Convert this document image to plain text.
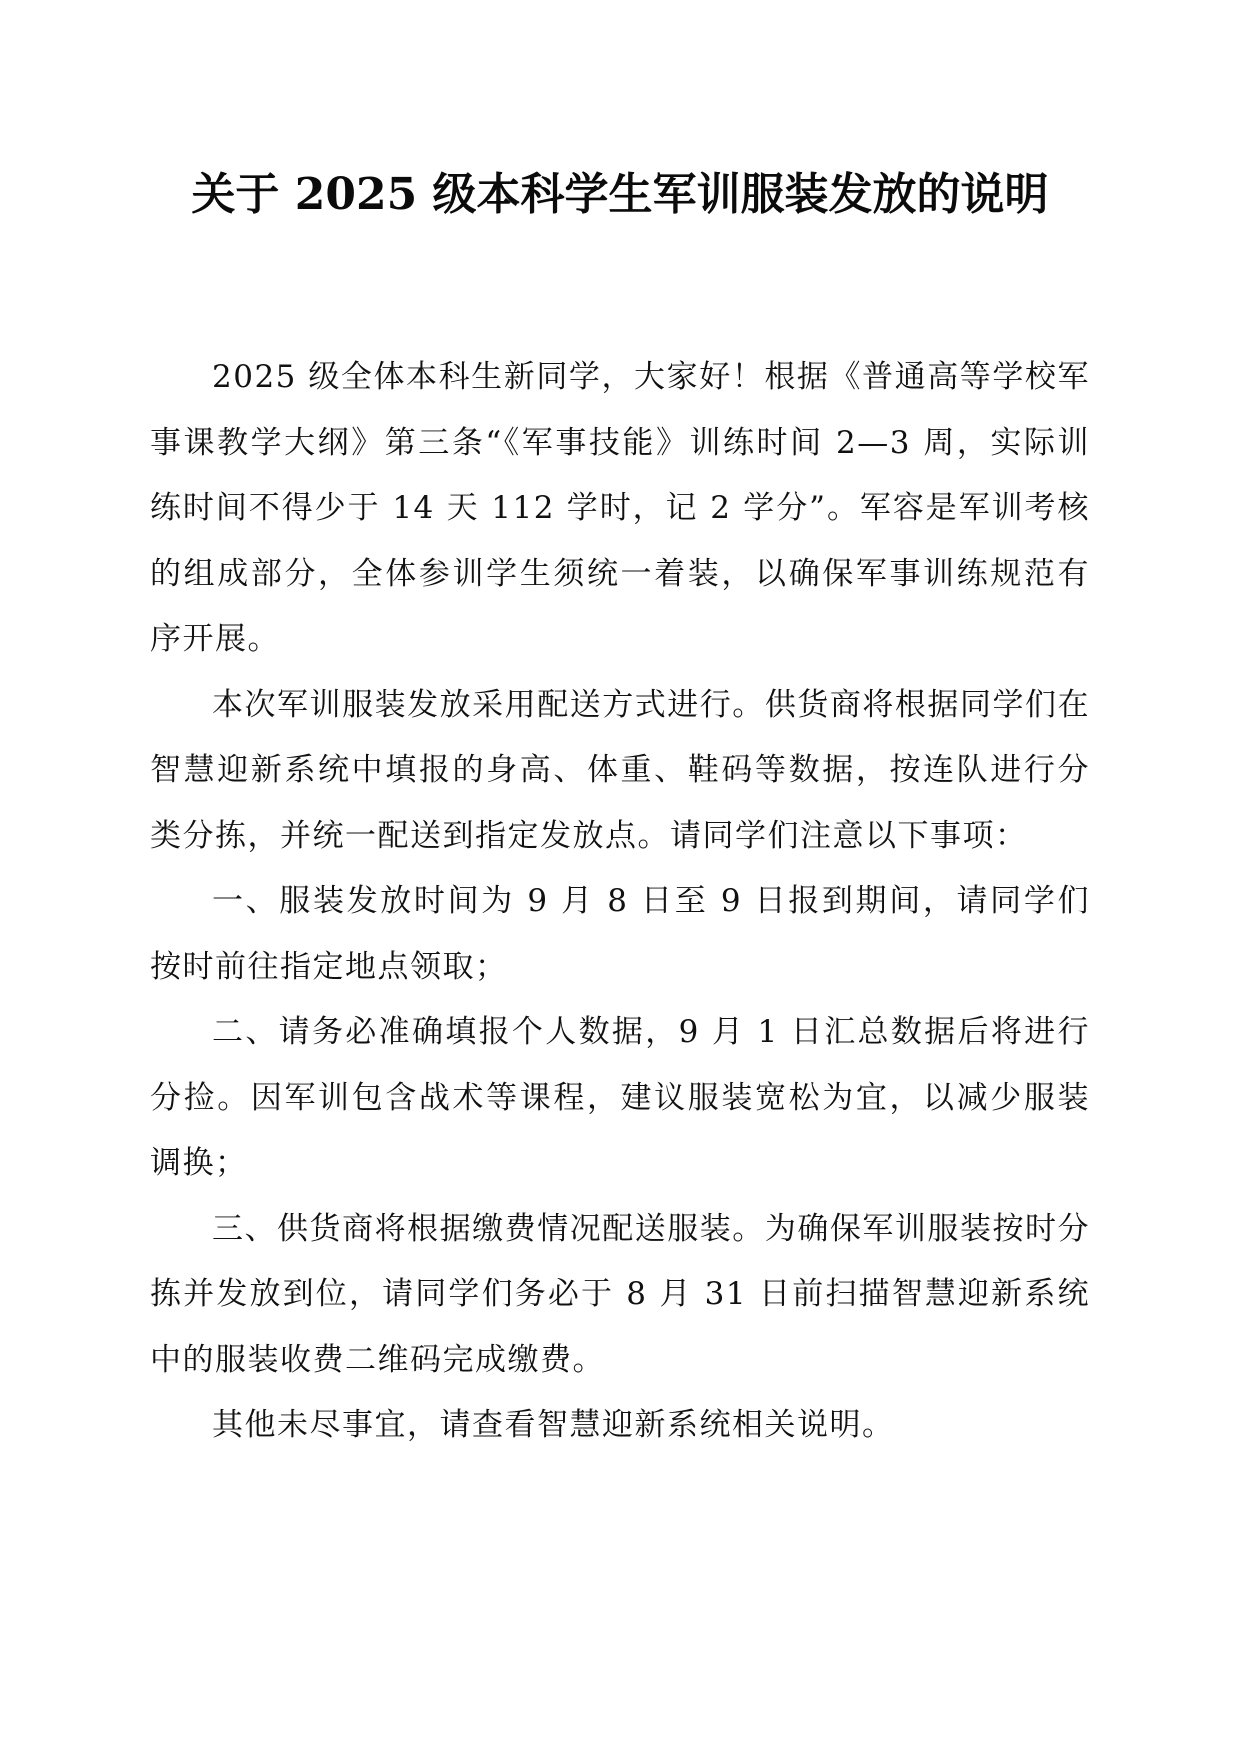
关于 2025 级本科学生军训服装发放的说明

2025 级全体本科生新同学，大家好！根据《普通高等学校军事课教学大纲》第三条“《军事技能》训练时间 2—3 周，实际训练时间不得少于 14 天 112 学时，记 2 学分”。军容是军训考核的组成部分，全体参训学生须统一着装，以确保军事训练规范有序开展。

本次军训服装发放采用配送方式进行。供货商将根据同学们在智慧迎新系统中填报的身高、体重、鞋码等数据，按连队进行分类分拣，并统一配送到指定发放点。请同学们注意以下事项：

一、服装发放时间为 9 月 8 日至 9 日报到期间，请同学们按时前往指定地点领取；

二、请务必准确填报个人数据，9 月 1 日汇总数据后将进行分捡。因军训包含战术等课程，建议服装宽松为宜，以减少服装调换；

三、供货商将根据缴费情况配送服装。为确保军训服装按时分拣并发放到位，请同学们务必于 8 月 31 日前扫描智慧迎新系统中的服装收费二维码完成缴费。

其他未尽事宜，请查看智慧迎新系统相关说明。
